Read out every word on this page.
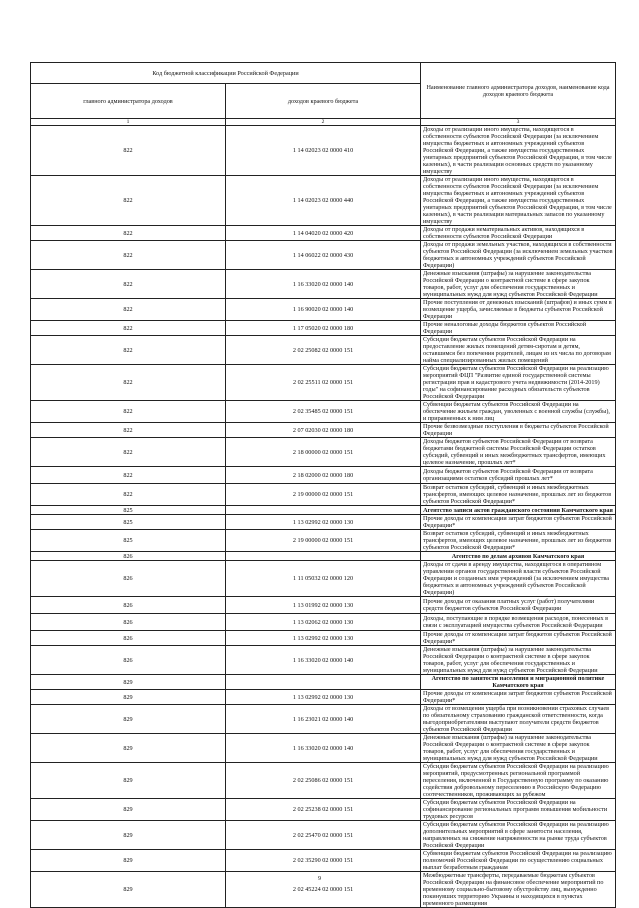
Код бюджетной классификации Российской Федерации		Наименование главного администратора доходов, наименование кода доходов краевого бюджета
главного администратора доходов	доходов краевого бюджета	
1	2	3
822	1 14 02023 02 0000 410	Доходы от реализации иного имущества, находящегося в собственности субъектов Российской Федерации (за исключением имущества бюджетных и автономных учреждений субъектов Российской Федерации, а также имущества государственных унитарных предприятий субъектов Российской Федерации, в том числе казенных), в части реализации основных средств по указанному имуществу
822	1 14 02023 02 0000 440	Доходы от реализации иного имущества, находящегося в собственности субъектов Российской Федерации (за исключением имущества бюджетных и автономных учреждений субъектов Российской Федерации, а также имущества государственных унитарных предприятий субъектов Российской Федерации, в том числе казенных), в части реализации материальных запасов по указанному имуществу
822	1 14 04020 02 0000 420	Доходы от продажи нематериальных активов, находящихся в собственности субъектов Российской Федерации
822	1 14 06022 02 0000 430	Доходы от продажи земельных участков, находящихся в собственности субъектов Российской Федерации (за исключением земельных участков бюджетных и автономных учреждений субъектов Российской Федерации)
822	1 16 33020 02 0000 140	Денежные взыскания (штрафы) за нарушение законодательства Российской Федерации о контрактной системе в сфере закупок товаров, работ, услуг для обеспечения государственных и муниципальных нужд для нужд субъектов Российской Федерации
822	1 16 90020 02 0000 140	Прочие поступления от денежных взысканий (штрафов) и иных сумм в возмещение ущерба, зачисляемые в бюджеты субъектов Российской Федерации
822	1 17 05020 02 0000 180	Прочие неналоговые доходы бюджетов субъектов Российской Федерации
822	2 02 25082 02 0000 151	Субсидии бюджетам субъектов Российской Федерации на предоставление жилых помещений детям-сиротам и детям, оставшимся без попечения родителей, лицам из их числа по договорам найма специализированных жилых помещений
822	2 02 25511 02 0000 151	Субсидии бюджетам субъектов Российской Федерации на реализацию мероприятий ФЦП "Развитие единой государственной системы регистрации прав и кадастрового учета недвижимости (2014-2019) годы" на софинансирование расходных обязательств субъектов Российской Федерации
822	2 02 35485 02 0000 151	Субвенции бюджетам субъектов Российской Федерации на обеспечение жильем граждан, уволенных с военной службы (службы), и приравненных к ним лиц
822	2 07 02030 02 0000 180	Прочие безвозмездные поступления в бюджеты субъектов Российской Федерации
822	2 18 00000 02 0000 151	Доходы бюджетов субъектов Российской Федерации от возврата бюджетами бюджетной системы Российской Федерации остатков субсидий, субвенций и иных межбюджетных трансфертов, имеющих целевое назначение, прошлых лет*
822	2 18 02000 02 0000 180	Доходы бюджетов субъектов Российской Федерации от возврата организациями остатков субсидий прошлых лет*
822	2 19 00000 02 0000 151	Возврат остатков субсидий, субвенций и иных межбюджетных трансфертов, имеющих целевое назначение, прошлых лет из бюджетов субъектов Российской Федерации*
825		Агентство записи актов гражданского состояния Камчатского края
825	1 13 02992 02 0000 130	Прочие доходы от компенсации затрат бюджетов субъектов Российской Федерации*
825	2 19 00000 02 0000 151	Возврат остатков субсидий, субвенций и иных межбюджетных трансфертов, имеющих целевое назначение, прошлых лет из бюджетов субъектов Российской Федерации*
826		Агентство по делам архивов Камчатского края
826	1 11 05032 02 0000 120	Доходы от сдачи в аренду имущества, находящегося в оперативном управлении органов государственной власти субъектов Российской Федерации и созданных ими учреждений (за исключением имущества бюджетных и автономных учреждений субъектов Российской Федерации)
826	1 13 01992 02 0000 130	Прочие доходы от оказания платных услуг (работ) получателями средств бюджетов субъектов Российской Федерации
826	1 13 02062 02 0000 130	Доходы, поступающие в порядке возмещения расходов, понесенных в связи с эксплуатацией имущества субъектов Российской Федерации
826	1 13 02992 02 0000 130	Прочие доходы от компенсации затрат бюджетов субъектов Российской Федерации*
826	1 16 33020 02 0000 140	Денежные взыскания (штрафы) за нарушение законодательства Российской Федерации о контрактной системе в сфере закупок товаров, работ, услуг для обеспечения государственных и муниципальных нужд для нужд субъектов Российской Федерации
829		Агентство по занятости населения и миграционной политике Камчатского края
829	1 13 02992 02 0000 130	Прочие доходы от компенсации затрат бюджетов субъектов Российской Федерации*
829	1 16 23021 02 0000 140	Доходы от возмещения ущерба при возникновении страховых случаев по обязательному страхованию гражданской ответственности, когда выгодоприобретателями выступают получатели средств бюджетов субъектов Российской Федерации
829	1 16 33020 02 0000 140	Денежные взыскания (штрафы) за нарушение законодательства Российской Федерации о контрактной системе в сфере закупок товаров, работ, услуг для обеспечения государственных и муниципальных нужд для нужд субъектов Российской Федерации
829	2 02 25086 02 0000 151	Субсидии бюджетам субъектов Российской Федерации на реализацию мероприятий, предусмотренных региональной программой переселения, включенной в Государственную программу по оказанию содействия добровольному переселению в Российскую Федерацию соотечественников, проживающих за рубежом
829	2 02 25238 02 0000 151	Субсидии бюджетам субъектов Российской Федерации на софинансирование региональных программ повышения мобильности трудовых ресурсов
829	2 02 25470 02 0000 151	Субсидии бюджетам субъектов Российской Федерации на реализацию дополнительных мероприятий в сфере занятости населения, направленных на снижение напряженности на рынке труда субъектов Российской Федерации
829	2 02 35290 02 0000 151	Субвенции бюджетам субъектов Российской Федерации на реализацию полномочий Российской Федерации по осуществлению социальных выплат безработным гражданам
829	2 02 45224 02 0000 151	Межбюджетные трансферты, передаваемые бюджетам субъектов Российской Федерации на финансовое обеспечение мероприятий по временному социально-бытовому обустройству лиц, вынужденно покинувших территорию Украины и находящихся в пунктах временного размещения
9
